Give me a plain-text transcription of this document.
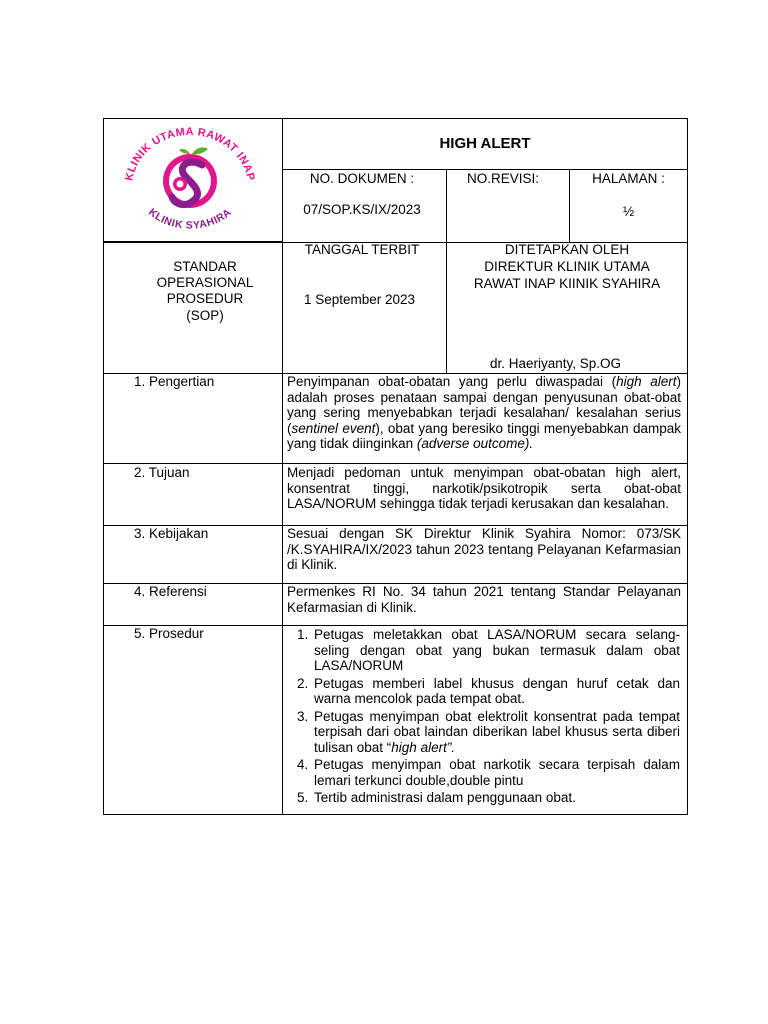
KLINIK UTAMA RAWAT INAP
KLINIK SYAHIRA
HIGH ALERT
NO. DOKUMEN :
07/SOP.KS/IX/2023
NO.REVISI:	HALAMAN :
½
STANDAR
OPERASIONAL
PROSEDUR
(SOP)
TANGGAL TERBIT
1 September 2023
DITETAPKAN OLEH
DIREKTUR KLINIK UTAMA
RAWAT INAP KIINIK SYAHIRA
dr. Haeriyanty, Sp.OG
1. Pengertian	Penyimpanan obat-obatan yang perlu diwaspadai (high alert) adalah proses penataan sampai dengan penyusunan obat-obat yang sering menyebabkan terjadi kesalahan/ kesalahan serius (sentinel event), obat yang beresiko tinggi menyebabkan dampak yang tidak diinginkan (adverse outcome).
2. Tujuan	Menjadi pedoman untuk menyimpan obat-obatan high alert, konsentrat tinggi, narkotik/psikotropik serta obat-obat LASA/NORUM sehingga tidak terjadi kerusakan dan kesalahan.
3. Kebijakan	Sesuai dengan SK Direktur Klinik Syahira Nomor: 073/SK /K.SYAHIRA/IX/2023 tahun 2023 tentang Pelayanan Kefarmasian di Klinik.
4. Referensi	Permenkes RI No. 34 tahun 2021 tentang Standar Pelayanan Kefarmasian di Klinik.
5. Prosedur
1.	Petugas meletakkan obat LASA/NORUM secara selang-seling dengan obat yang bukan termasuk dalam obat LASA/NORUM
2. Petugas memberi label khusus dengan huruf cetak dan warna mencolok pada tempat obat.
3. Petugas menyimpan obat elektrolit konsentrat pada tempat terpisah dari obat laindan diberikan label khusus serta diberi tulisan obat “high alert”.
4. Petugas menyimpan obat narkotik secara terpisah dalam lemari terkunci double,double pintu
5. Tertib administrasi dalam penggunaan obat.
